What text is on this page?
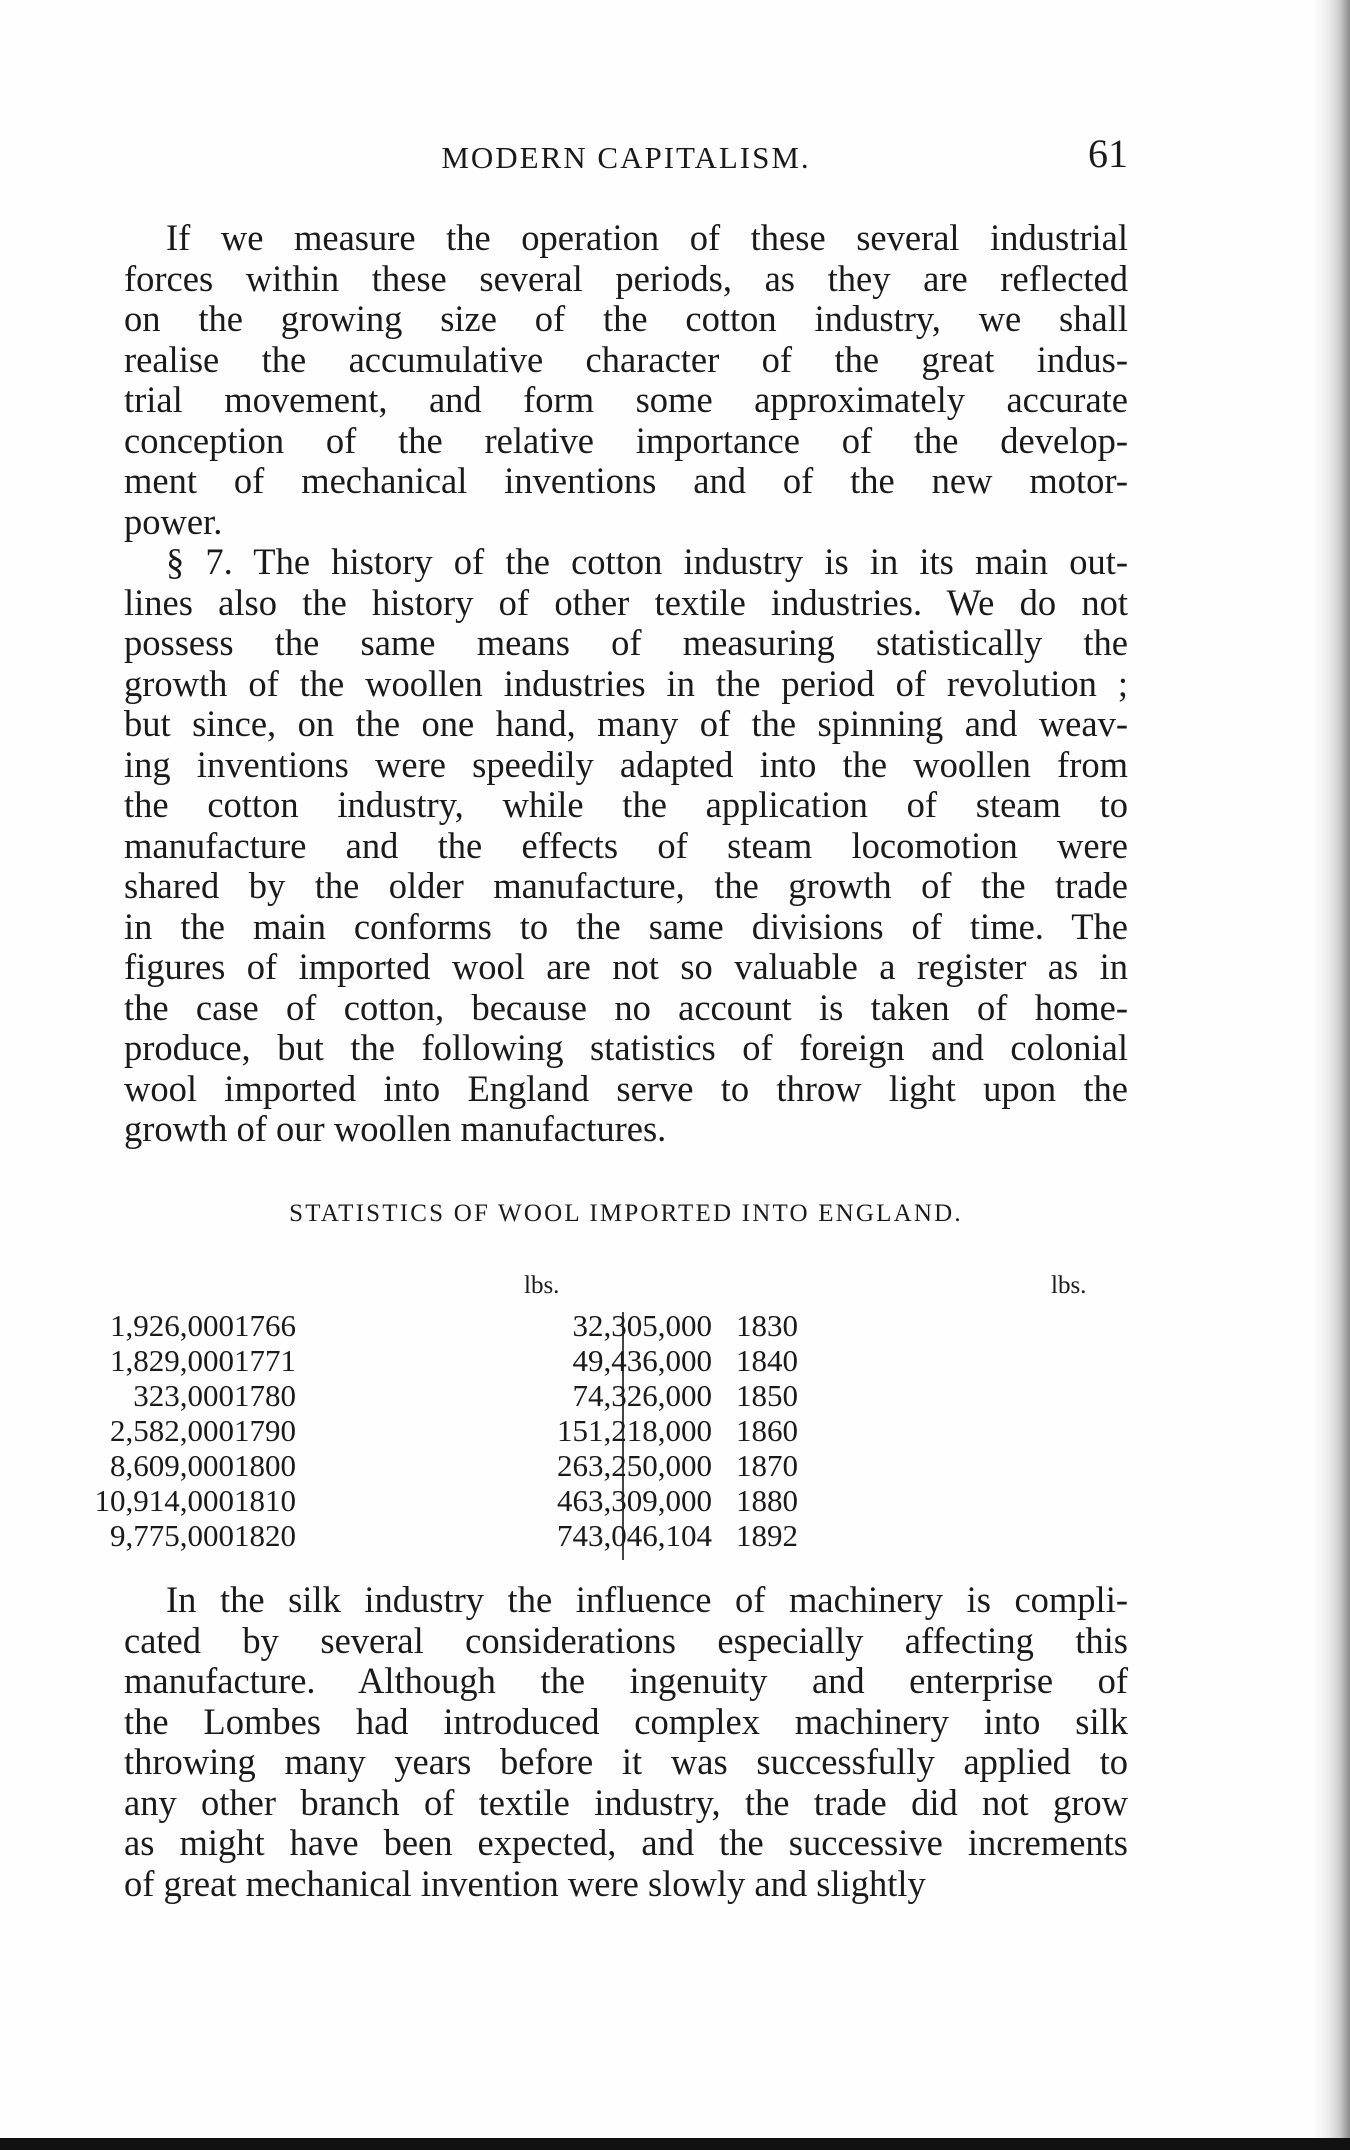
MODERN CAPITALISM.	61

If we measure the operation of these several industrial
forces within these several periods, as they are reflected
on the growing size of the cotton industry, we shall
realise the accumulative character of the great indus-
trial movement, and form some approximately accurate
conception of the relative importance of the develop-
ment of mechanical inventions and of the new motor-
power.

§ 7. The history of the cotton industry is in its main out-
lines also the history of other textile industries. We do not
possess the same means of measuring statistically the
growth of the woollen industries in the period of revolution ;
but since, on the one hand, many of the spinning and weav-
ing inventions were speedily adapted into the woollen from
the cotton industry, while the application of steam to
manufacture and the effects of steam locomotion were
shared by the older manufacture, the growth of the trade
in the main conforms to the same divisions of time. The
figures of imported wool are not so valuable a register as in
the case of cotton, because no account is taken of home-
produce, but the following statistics of foreign and colonial
wool imported into England serve to throw light upon the
growth of our woollen manufactures.

STATISTICS OF WOOL IMPORTED INTO ENGLAND.
lbs.
1766
1,926,000
1771
1,829,000
1780
323,000
1790
2,582,000
1800
8,609,000
1810
10,914,000
1820
9,775,000
lbs.
1830
32,305,000
1840
49,436,000
1850
74,326,000
1860
151,218,000
1870
263,250,000
1880
463,309,000
1892
743,046,104

In the silk industry the influence of machinery is compli-
cated by several considerations especially affecting this
manufacture. Although the ingenuity and enterprise of
the Lombes had introduced complex machinery into silk
throwing many years before it was successfully applied to
any other branch of textile industry, the trade did not grow
as might have been expected, and the successive increments
of great mechanical invention were slowly and slightly
